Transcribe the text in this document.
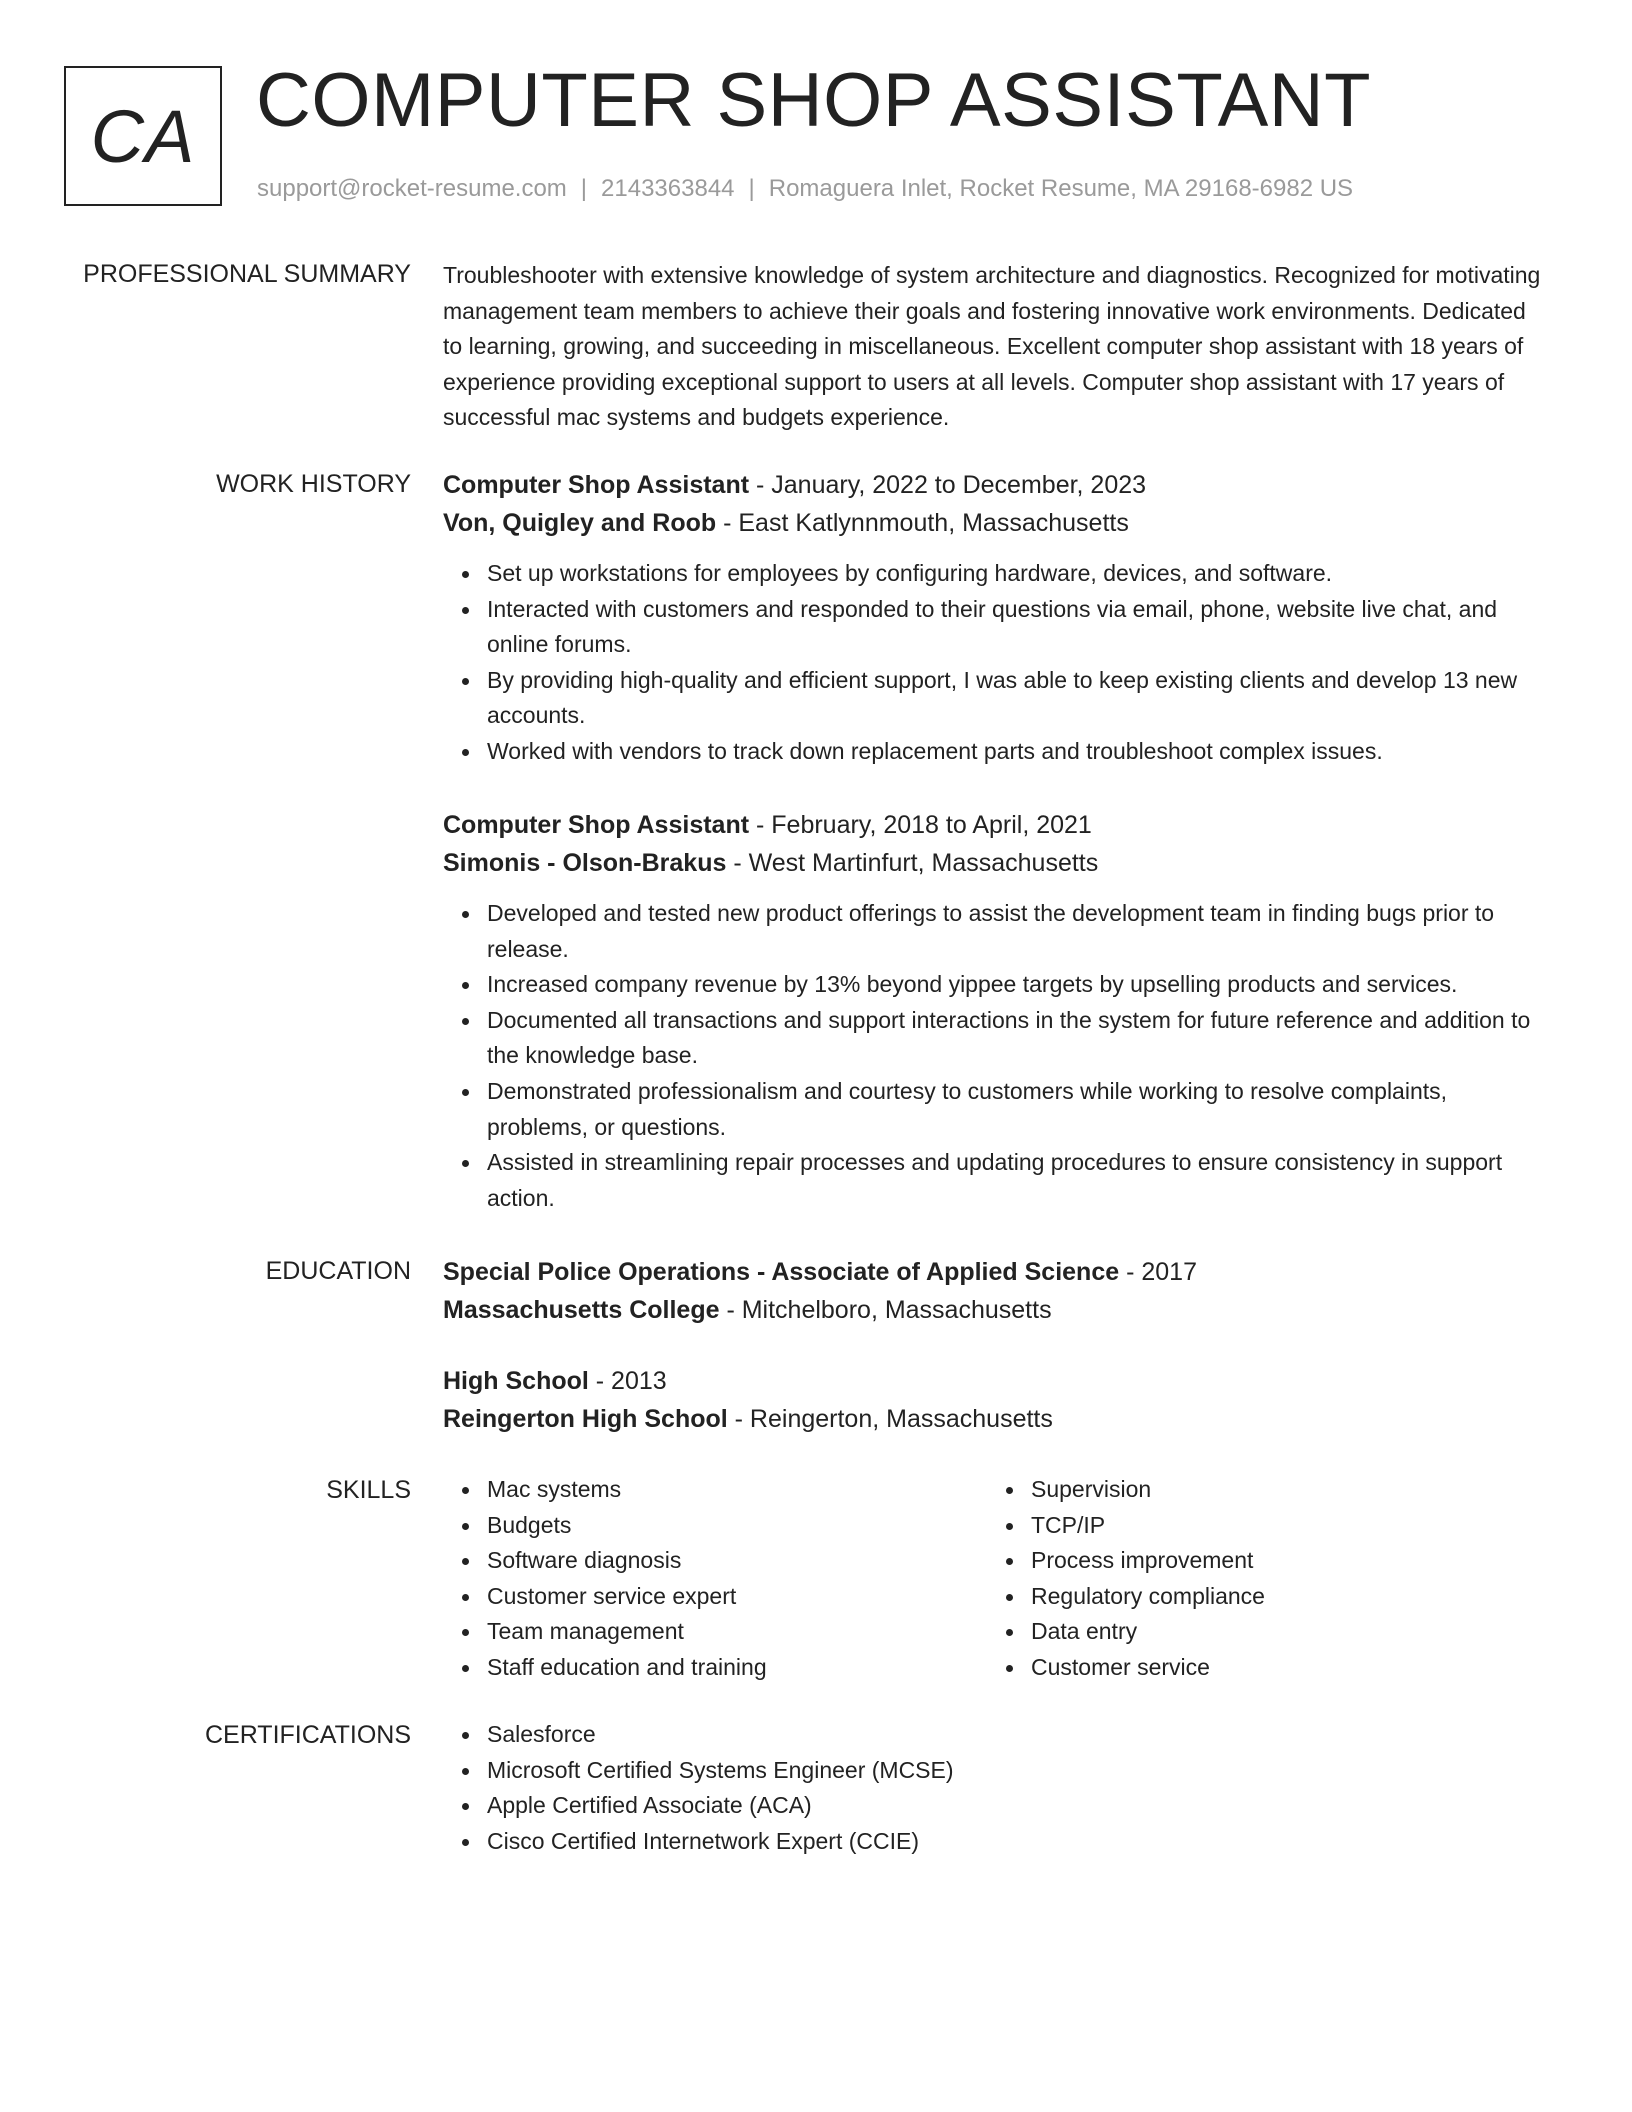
CA COMPUTER SHOP ASSISTANT
support@rocket-resume.com | 2143363844 | Romaguera Inlet, Rocket Resume, MA 29168-6982 US
PROFESSIONAL SUMMARY Troubleshooter with extensive knowledge of system architecture and diagnostics. Recognized for motivating management team members to achieve their goals and fostering innovative work environments. Dedicated to learning, growing, and succeeding in miscellaneous. Excellent computer shop assistant with 18 years of experience providing exceptional support to users at all levels. Computer shop assistant with 17 years of successful mac systems and budgets experience.

WORK HISTORY Computer Shop Assistant - January, 2022 to December, 2023
Von, Quigley and Roob - East Katlynnmouth, Massachusetts
Set up workstations for employees by configuring hardware, devices, and software.
Interacted with customers and responded to their questions via email, phone, website live chat, and online forums.
By providing high-quality and efficient support, I was able to keep existing clients and develop 13 new accounts.
Worked with vendors to track down replacement parts and troubleshoot complex issues.
Computer Shop Assistant - February, 2018 to April, 2021
Simonis - Olson-Brakus - West Martinfurt, Massachusetts
Developed and tested new product offerings to assist the development team in finding bugs prior to release.
Increased company revenue by 13% beyond yippee targets by upselling products and services.
Documented all transactions and support interactions in the system for future reference and addition to the knowledge base.
Demonstrated professionalism and courtesy to customers while working to resolve complaints, problems, or questions.
Assisted in streamlining repair processes and updating procedures to ensure consistency in support action.
EDUCATION Special Police Operations - Associate of Applied Science - 2017
Massachusetts College - Mitchelboro, Massachusetts
High School - 2013
Reingerton High School - Reingerton, Massachusetts
SKILLS	Mac systems
Budgets
Software diagnosis
Customer service expert
Team management
Staff education and training
Supervision
TCP/IP
Process improvement
Regulatory compliance
Data entry
Customer service
CERTIFICATIONS	Salesforce
Microsoft Certified Systems Engineer (MCSE)
Apple Certified Associate (ACA)
Cisco Certified Internetwork Expert (CCIE)
